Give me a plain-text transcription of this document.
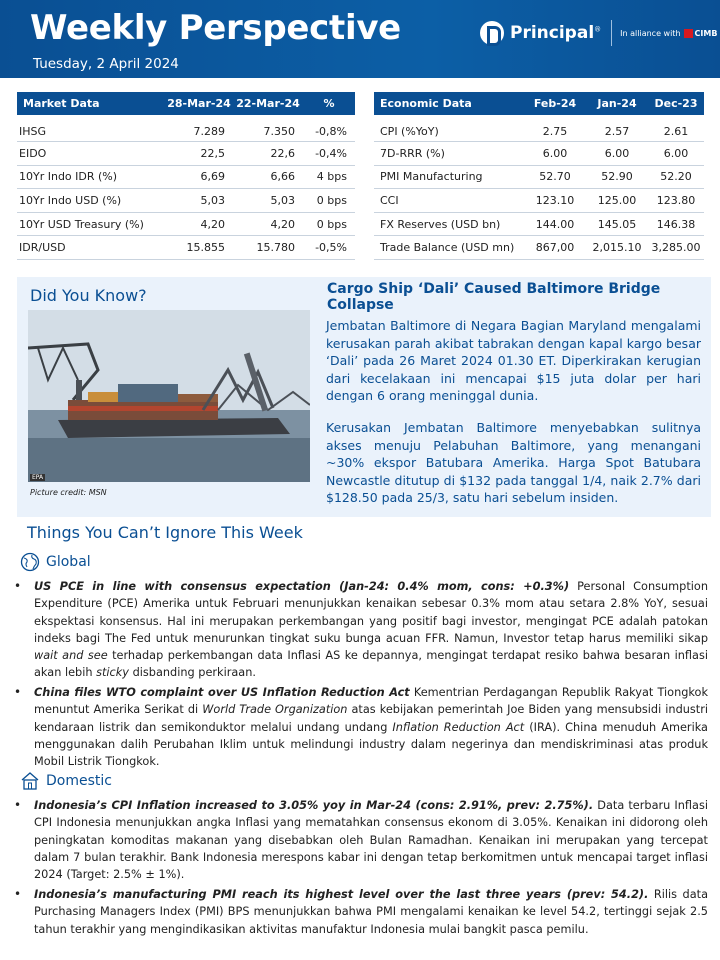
Weekly Perspective
Tuesday, 2 April 2024
Principal® In alliance with CIMB
Market Data	28-Mar-24	22-Mar-24	%
IHSG	7.289	7.350	-0,8%
EIDO	22,5	22,6	-0,4%
10Yr Indo IDR (%)	6,69	6,66	4 bps
10Yr Indo USD (%)	5,03	5,03	0 bps
10Yr USD Treasury (%)	4,20	4,20	0 bps
IDR/USD	15.855	15.780	-0,5%
Economic Data	Feb-24	Jan-24	Dec-23
CPI (%YoY)	2.75	2.57	2.61
7D-RRR (%)	6.00	6.00	6.00
PMI Manufacturing	52.70	52.90	52.20
CCI	123.10	125.00	123.80
FX Reserves (USD bn)	144.00	145.05	146.38
Trade Balance (USD mn)	867,00	2,015.10	3,285.00
Did You Know?
EPA
Picture credit: MSN
Cargo Ship ‘Dali’ Caused Baltimore Bridge Collapse
Jembatan Baltimore di Negara Bagian Maryland mengalami kerusakan parah akibat tabrakan dengan kapal kargo besar ‘Dali’ pada 26 Maret 2024 01.30 ET. Diperkirakan kerugian dari kecelakaan ini mencapai $15 juta dolar per hari dengan 6 orang meninggal dunia.
Kerusakan Jembatan Baltimore menyebabkan sulitnya akses menuju Pelabuhan Baltimore, yang menangani ~30% ekspor Batubara Amerika. Harga Spot Batubara Newcastle ditutup di $132 pada tanggal 1/4, naik 2.7% dari $128.50 pada 25/3, satu hari sebelum insiden.
Things You Can’t Ignore This Week
Global
•	US PCE in line with consensus expectation (Jan-24: 0.4% mom, cons: +0.3%) Personal Consumption Expenditure (PCE) Amerika untuk Februari menunjukkan kenaikan sebesar 0.3% mom atau setara 2.8% YoY, sesuai ekspektasi konsensus. Hal ini merupakan perkembangan yang positif bagi investor, mengingat PCE adalah patokan indeks bagi The Fed untuk menurunkan tingkat suku bunga acuan FFR. Namun, Investor tetap harus memiliki sikap wait and see terhadap perkembangan data Inflasi AS ke depannya, mengingat terdapat resiko bahwa besaran inflasi akan lebih sticky disbanding perkiraan.
•	China files WTO complaint over US Inflation Reduction Act Kementrian Perdagangan Republik Rakyat Tiongkok menuntut Amerika Serikat di World Trade Organization atas kebijakan pemerintah Joe Biden yang mensubsidi industri kendaraan listrik dan semikonduktor melalui undang undang Inflation Reduction Act (IRA). China menuduh Amerika menggunakan dalih Perubahan Iklim untuk melindungi industry dalam negerinya dan mendiskriminasi atas produk Mobil Listrik Tiongkok.
Domestic
•	Indonesia’s CPI Inflation increased to 3.05% yoy in Mar-24 (cons: 2.91%, prev: 2.75%). Data terbaru Inflasi CPI Indonesia menunjukkan angka Inflasi yang mematahkan consensus ekonom di 3.05%. Kenaikan ini didorong oleh peningkatan komoditas makanan yang disebabkan oleh Bulan Ramadhan. Kenaikan ini merupakan yang tercepat dalam 7 bulan terakhir. Bank Indonesia merespons kabar ini dengan tetap berkomitmen untuk mencapai target inflasi 2024 (Target: 2.5% ± 1%).
•	Indonesia’s manufacturing PMI reach its highest level over the last three years (prev: 54.2). Rilis data Purchasing Managers Index (PMI) BPS menunjukkan bahwa PMI mengalami kenaikan ke level 54.2, tertinggi sejak 2.5 tahun terakhir yang mengindikasikan aktivitas manufaktur Indonesia mulai bangkit pasca pemilu.
